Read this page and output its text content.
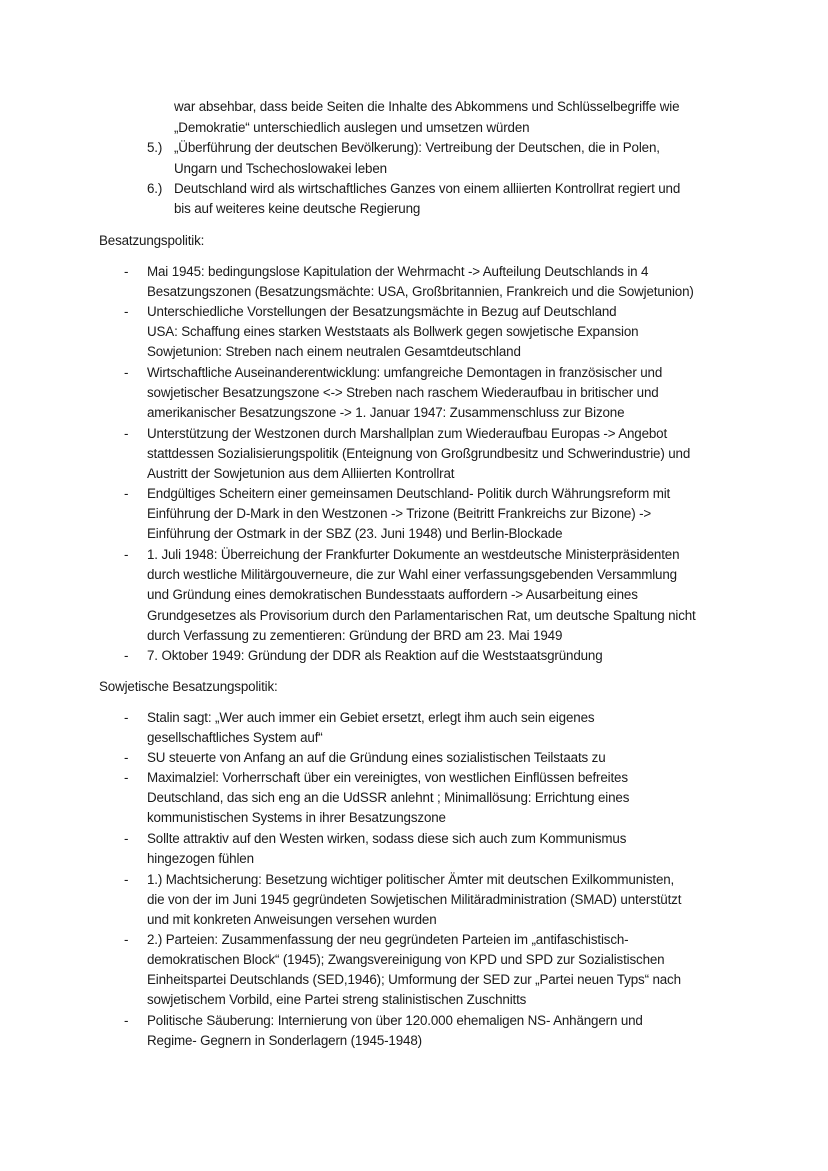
war absehbar, dass beide Seiten die Inhalte des Abkommens und Schlüsselbegriffe wie
„Demokratie“ unterschiedlich auslegen und umsetzen würden
5.) „Überführung der deutschen Bevölkerung): Vertreibung der Deutschen, die in Polen,
Ungarn und Tschechoslowakei leben
6.) Deutschland wird als wirtschaftliches Ganzes von einem alliierten Kontrollrat regiert und
bis auf weiteres keine deutsche Regierung
Besatzungspolitik:
- Mai 1945: bedingungslose Kapitulation der Wehrmacht -> Aufteilung Deutschlands in 4
Besatzungszonen (Besatzungsmächte: USA, Großbritannien, Frankreich und die Sowjetunion)
- Unterschiedliche Vorstellungen der Besatzungsmächte in Bezug auf Deutschland
USA: Schaffung eines starken Weststaats als Bollwerk gegen sowjetische Expansion
Sowjetunion: Streben nach einem neutralen Gesamtdeutschland
- Wirtschaftliche Auseinanderentwicklung: umfangreiche Demontagen in französischer und
sowjetischer Besatzungszone <-> Streben nach raschem Wiederaufbau in britischer und
amerikanischer Besatzungszone -> 1. Januar 1947: Zusammenschluss zur Bizone
- Unterstützung der Westzonen durch Marshallplan zum Wiederaufbau Europas -> Angebot
stattdessen Sozialisierungspolitik (Enteignung von Großgrundbesitz und Schwerindustrie) und
Austritt der Sowjetunion aus dem Alliierten Kontrollrat
- Endgültiges Scheitern einer gemeinsamen Deutschland- Politik durch Währungsreform mit
Einführung der D-Mark in den Westzonen -> Trizone (Beitritt Frankreichs zur Bizone) ->
Einführung der Ostmark in der SBZ (23. Juni 1948) und Berlin-Blockade
- 1. Juli 1948: Überreichung der Frankfurter Dokumente an westdeutsche Ministerpräsidenten
durch westliche Militärgouverneure, die zur Wahl einer verfassungsgebenden Versammlung
und Gründung eines demokratischen Bundesstaats auffordern -> Ausarbeitung eines
Grundgesetzes als Provisorium durch den Parlamentarischen Rat, um deutsche Spaltung nicht
durch Verfassung zu zementieren: Gründung der BRD am 23. Mai 1949
- 7. Oktober 1949: Gründung der DDR als Reaktion auf die Weststaatsgründung
Sowjetische Besatzungspolitik:
- Stalin sagt: „Wer auch immer ein Gebiet ersetzt, erlegt ihm auch sein eigenes
gesellschaftliches System auf“
- SU steuerte von Anfang an auf die Gründung eines sozialistischen Teilstaats zu
- Maximalziel: Vorherrschaft über ein vereinigtes, von westlichen Einflüssen befreites
Deutschland, das sich eng an die UdSSR anlehnt ; Minimallösung: Errichtung eines
kommunistischen Systems in ihrer Besatzungszone
- Sollte attraktiv auf den Westen wirken, sodass diese sich auch zum Kommunismus
hingezogen fühlen
- 1.) Machtsicherung: Besetzung wichtiger politischer Ämter mit deutschen Exilkommunisten,
die von der im Juni 1945 gegründeten Sowjetischen Militäradministration (SMAD) unterstützt
und mit konkreten Anweisungen versehen wurden
- 2.) Parteien: Zusammenfassung der neu gegründeten Parteien im „antifaschistisch-
demokratischen Block“ (1945); Zwangsvereinigung von KPD und SPD zur Sozialistischen
Einheitspartei Deutschlands (SED,1946); Umformung der SED zur „Partei neuen Typs“ nach
sowjetischem Vorbild, eine Partei streng stalinistischen Zuschnitts
- Politische Säuberung: Internierung von über 120.000 ehemaligen NS- Anhängern und
Regime- Gegnern in Sonderlagern (1945-1948)
